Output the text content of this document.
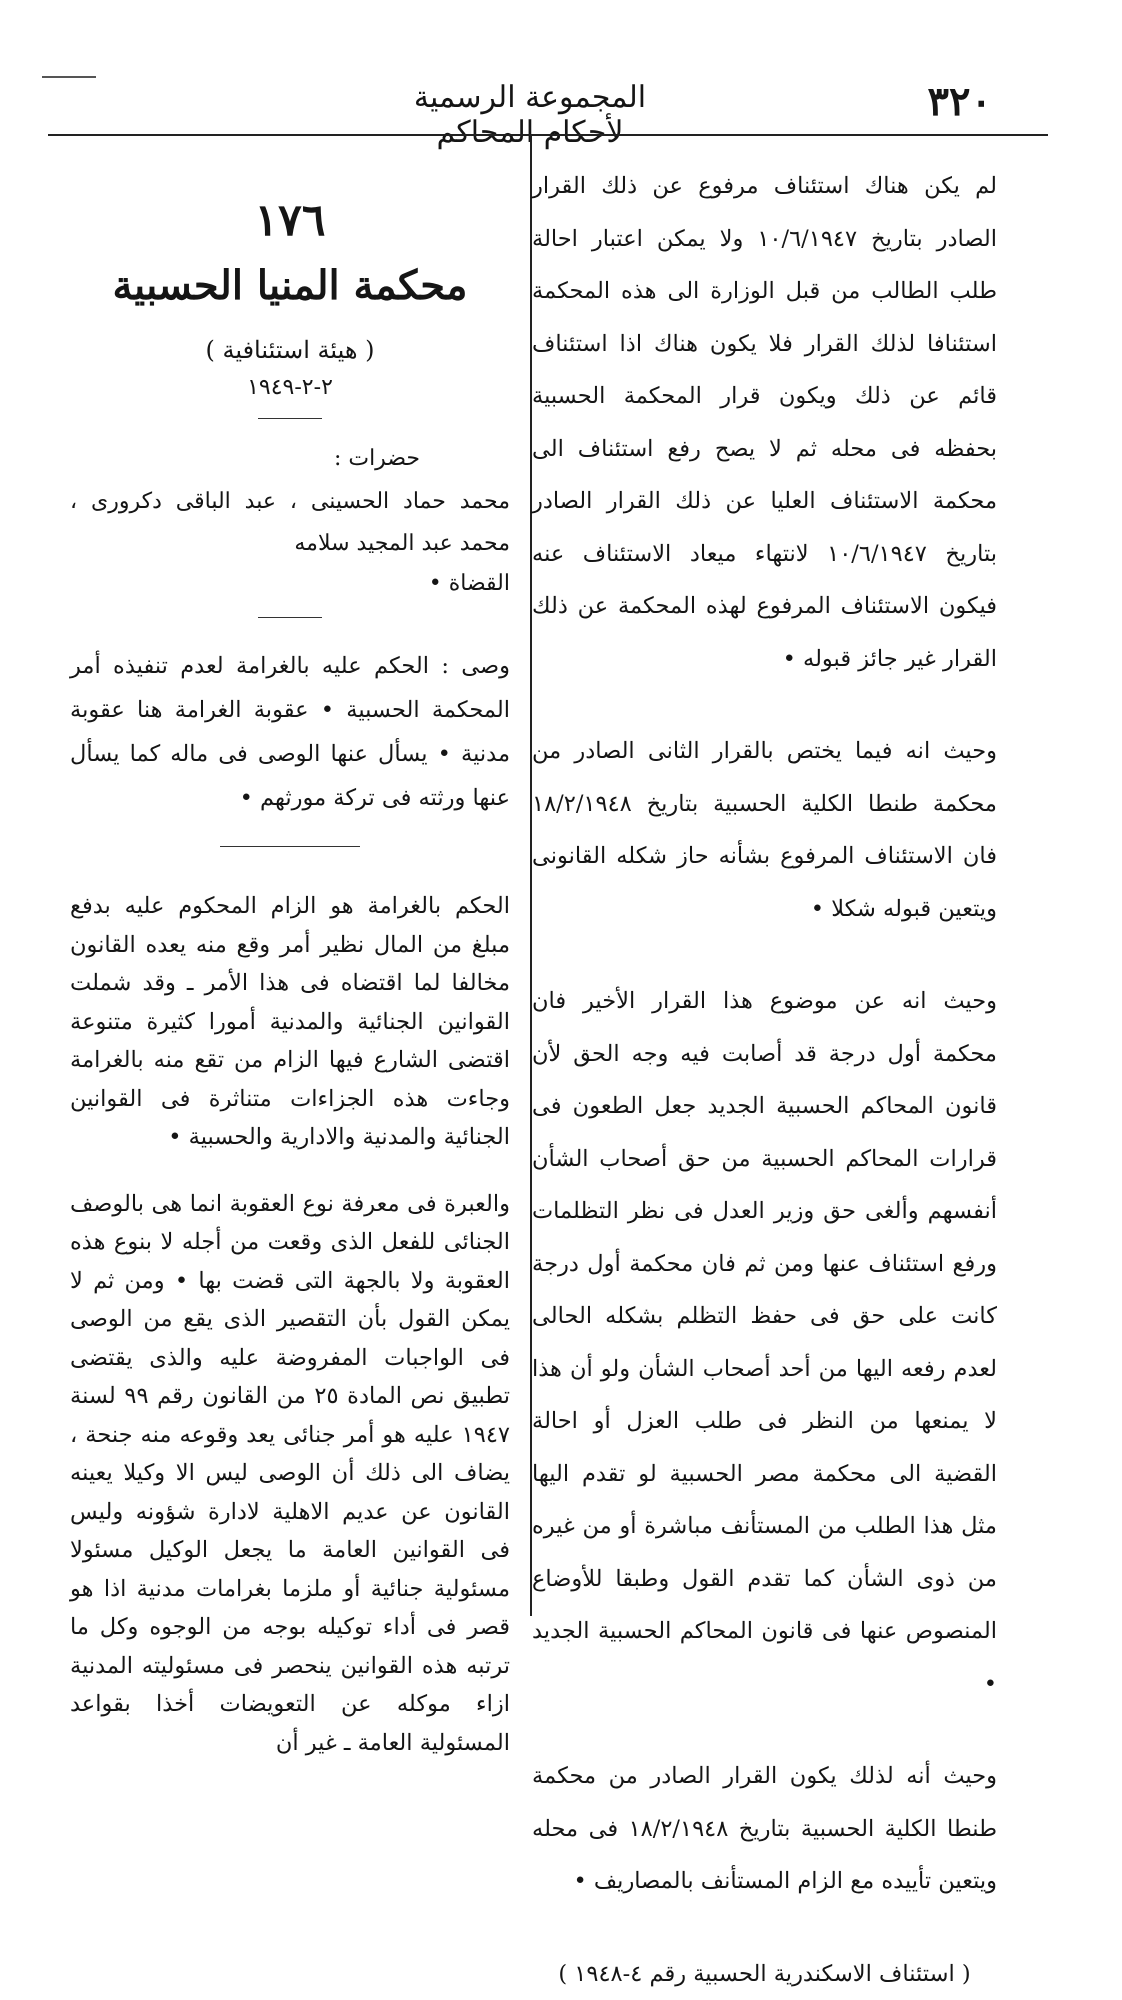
المجموعة الرسمية لأحكام المحاكم
٣٢٠

لم يكن هناك استئناف مرفوع عن ذلك القرار الصادر بتاريخ ١٠/٦/١٩٤٧ ولا يمكن اعتبار احالة طلب الطالب من قبل الوزارة الى هذه المحكمة استئنافا لذلك القرار فلا يكون هناك اذا استئناف قائم عن ذلك ويكون قرار المحكمة الحسبية بحفظه فى محله ثم لا يصح رفع استئناف الى محكمة الاستئناف العليا عن ذلك القرار الصادر بتاريخ ١٠/٦/١٩٤٧ لانتهاء ميعاد الاستئناف عنه فيكون الاستئناف المرفوع لهذه المحكمة عن ذلك القرار غير جائز قبوله •

وحيث انه فيما يختص بالقرار الثانى الصادر من محكمة طنطا الكلية الحسبية بتاريخ ١٨/٢/١٩٤٨ فان الاستئناف المرفوع بشأنه حاز شكله القانونى ويتعين قبوله شكلا •

وحيث انه عن موضوع هذا القرار الأخير فان محكمة أول درجة قد أصابت فيه وجه الحق لأن قانون المحاكم الحسبية الجديد جعل الطعون فى قرارات المحاكم الحسبية من حق أصحاب الشأن أنفسهم وألغى حق وزير العدل فى نظر التظلمات ورفع استئناف عنها ومن ثم فان محكمة أول درجة كانت على حق فى حفظ التظلم بشكله الحالى لعدم رفعه اليها من أحد أصحاب الشأن ولو أن هذا لا يمنعها من النظر فى طلب العزل أو احالة القضية الى محكمة مصر الحسبية لو تقدم اليها مثل هذا الطلب من المستأنف مباشرة أو من غيره من ذوى الشأن كما تقدم القول وطبقا للأوضاع المنصوص عنها فى قانون المحاكم الحسبية الجديد •

وحيث أنه لذلك يكون القرار الصادر من محكمة طنطا الكلية الحسبية بتاريخ ١٨/٢/١٩٤٨ فى محله ويتعين تأييده مع الزام المستأنف بالمصاريف •

( استئناف الاسكندرية الحسبية رقم ٤-١٩٤٨ )

١٧٦
محكمة المنيا الحسبية
( هيئة استئنافية )
٢-٢-١٩٤٩
حضرات :

محمد حماد الحسينى ، عبد الباقى دكرورى ، محمد عبد المجيد سلامه

القضاة •

وصى : الحكم عليه بالغرامة لعدم تنفيذه أمر المحكمة الحسبية • عقوبة الغرامة هنا عقوبة مدنية • يسأل عنها الوصى فى ماله كما يسأل عنها ورثته فى تركة مورثهم •

الحكم بالغرامة هو الزام المحكوم عليه بدفع مبلغ من المال نظير أمر وقع منه يعده القانون مخالفا لما اقتضاه فى هذا الأمر ـ وقد شملت القوانين الجنائية والمدنية أمورا كثيرة متنوعة اقتضى الشارع فيها الزام من تقع منه بالغرامة وجاءت هذه الجزاءات متناثرة فى القوانين الجنائية والمدنية والادارية والحسبية •

والعبرة فى معرفة نوع العقوبة انما هى بالوصف الجنائى للفعل الذى وقعت من أجله لا بنوع هذه العقوبة ولا بالجهة التى قضت بها • ومن ثم لا يمكن القول بأن التقصير الذى يقع من الوصى فى الواجبات المفروضة عليه والذى يقتضى تطبيق نص المادة ٢٥ من القانون رقم ٩٩ لسنة ١٩٤٧ عليه هو أمر جنائى يعد وقوعه منه جنحة ، يضاف الى ذلك أن الوصى ليس الا وكيلا يعينه القانون عن عديم الاهلية لادارة شؤونه وليس فى القوانين العامة ما يجعل الوكيل مسئولا مسئولية جنائية أو ملزما بغرامات مدنية اذا هو قصر فى أداء توكيله بوجه من الوجوه وكل ما ترتبه هذه القوانين ينحصر فى مسئوليته المدنية ازاء موكله عن التعويضات أخذا بقواعد المسئولية العامة ـ غير أن
